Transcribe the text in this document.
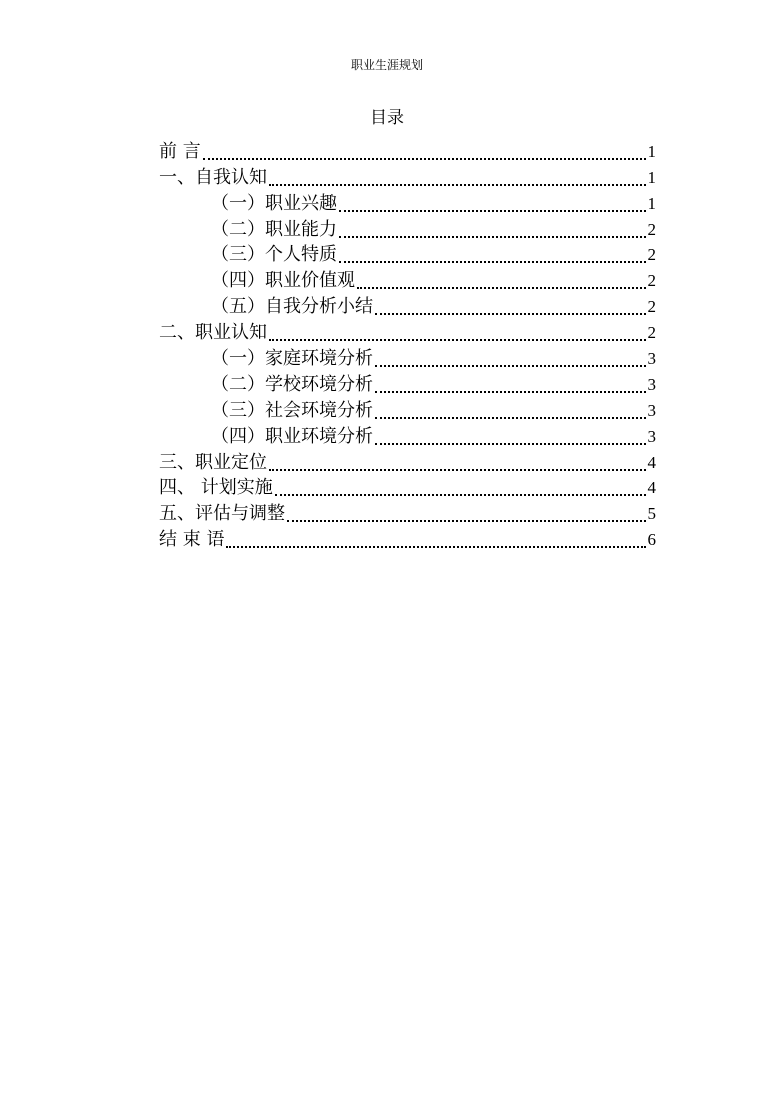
职业生涯规划
目录
前 言	1
一、自我认知	1
（一）职业兴趣	1
（二）职业能力	2
（三）个人特质	2
（四）职业价值观	2
（五）自我分析小结	2
二、职业认知	2
（一）家庭环境分析	3
（二）学校环境分析	3
（三）社会环境分析	3
（四）职业环境分析	3
三、职业定位	4
四、 计划实施	4
五、评估与调整	5
结 束 语	6
